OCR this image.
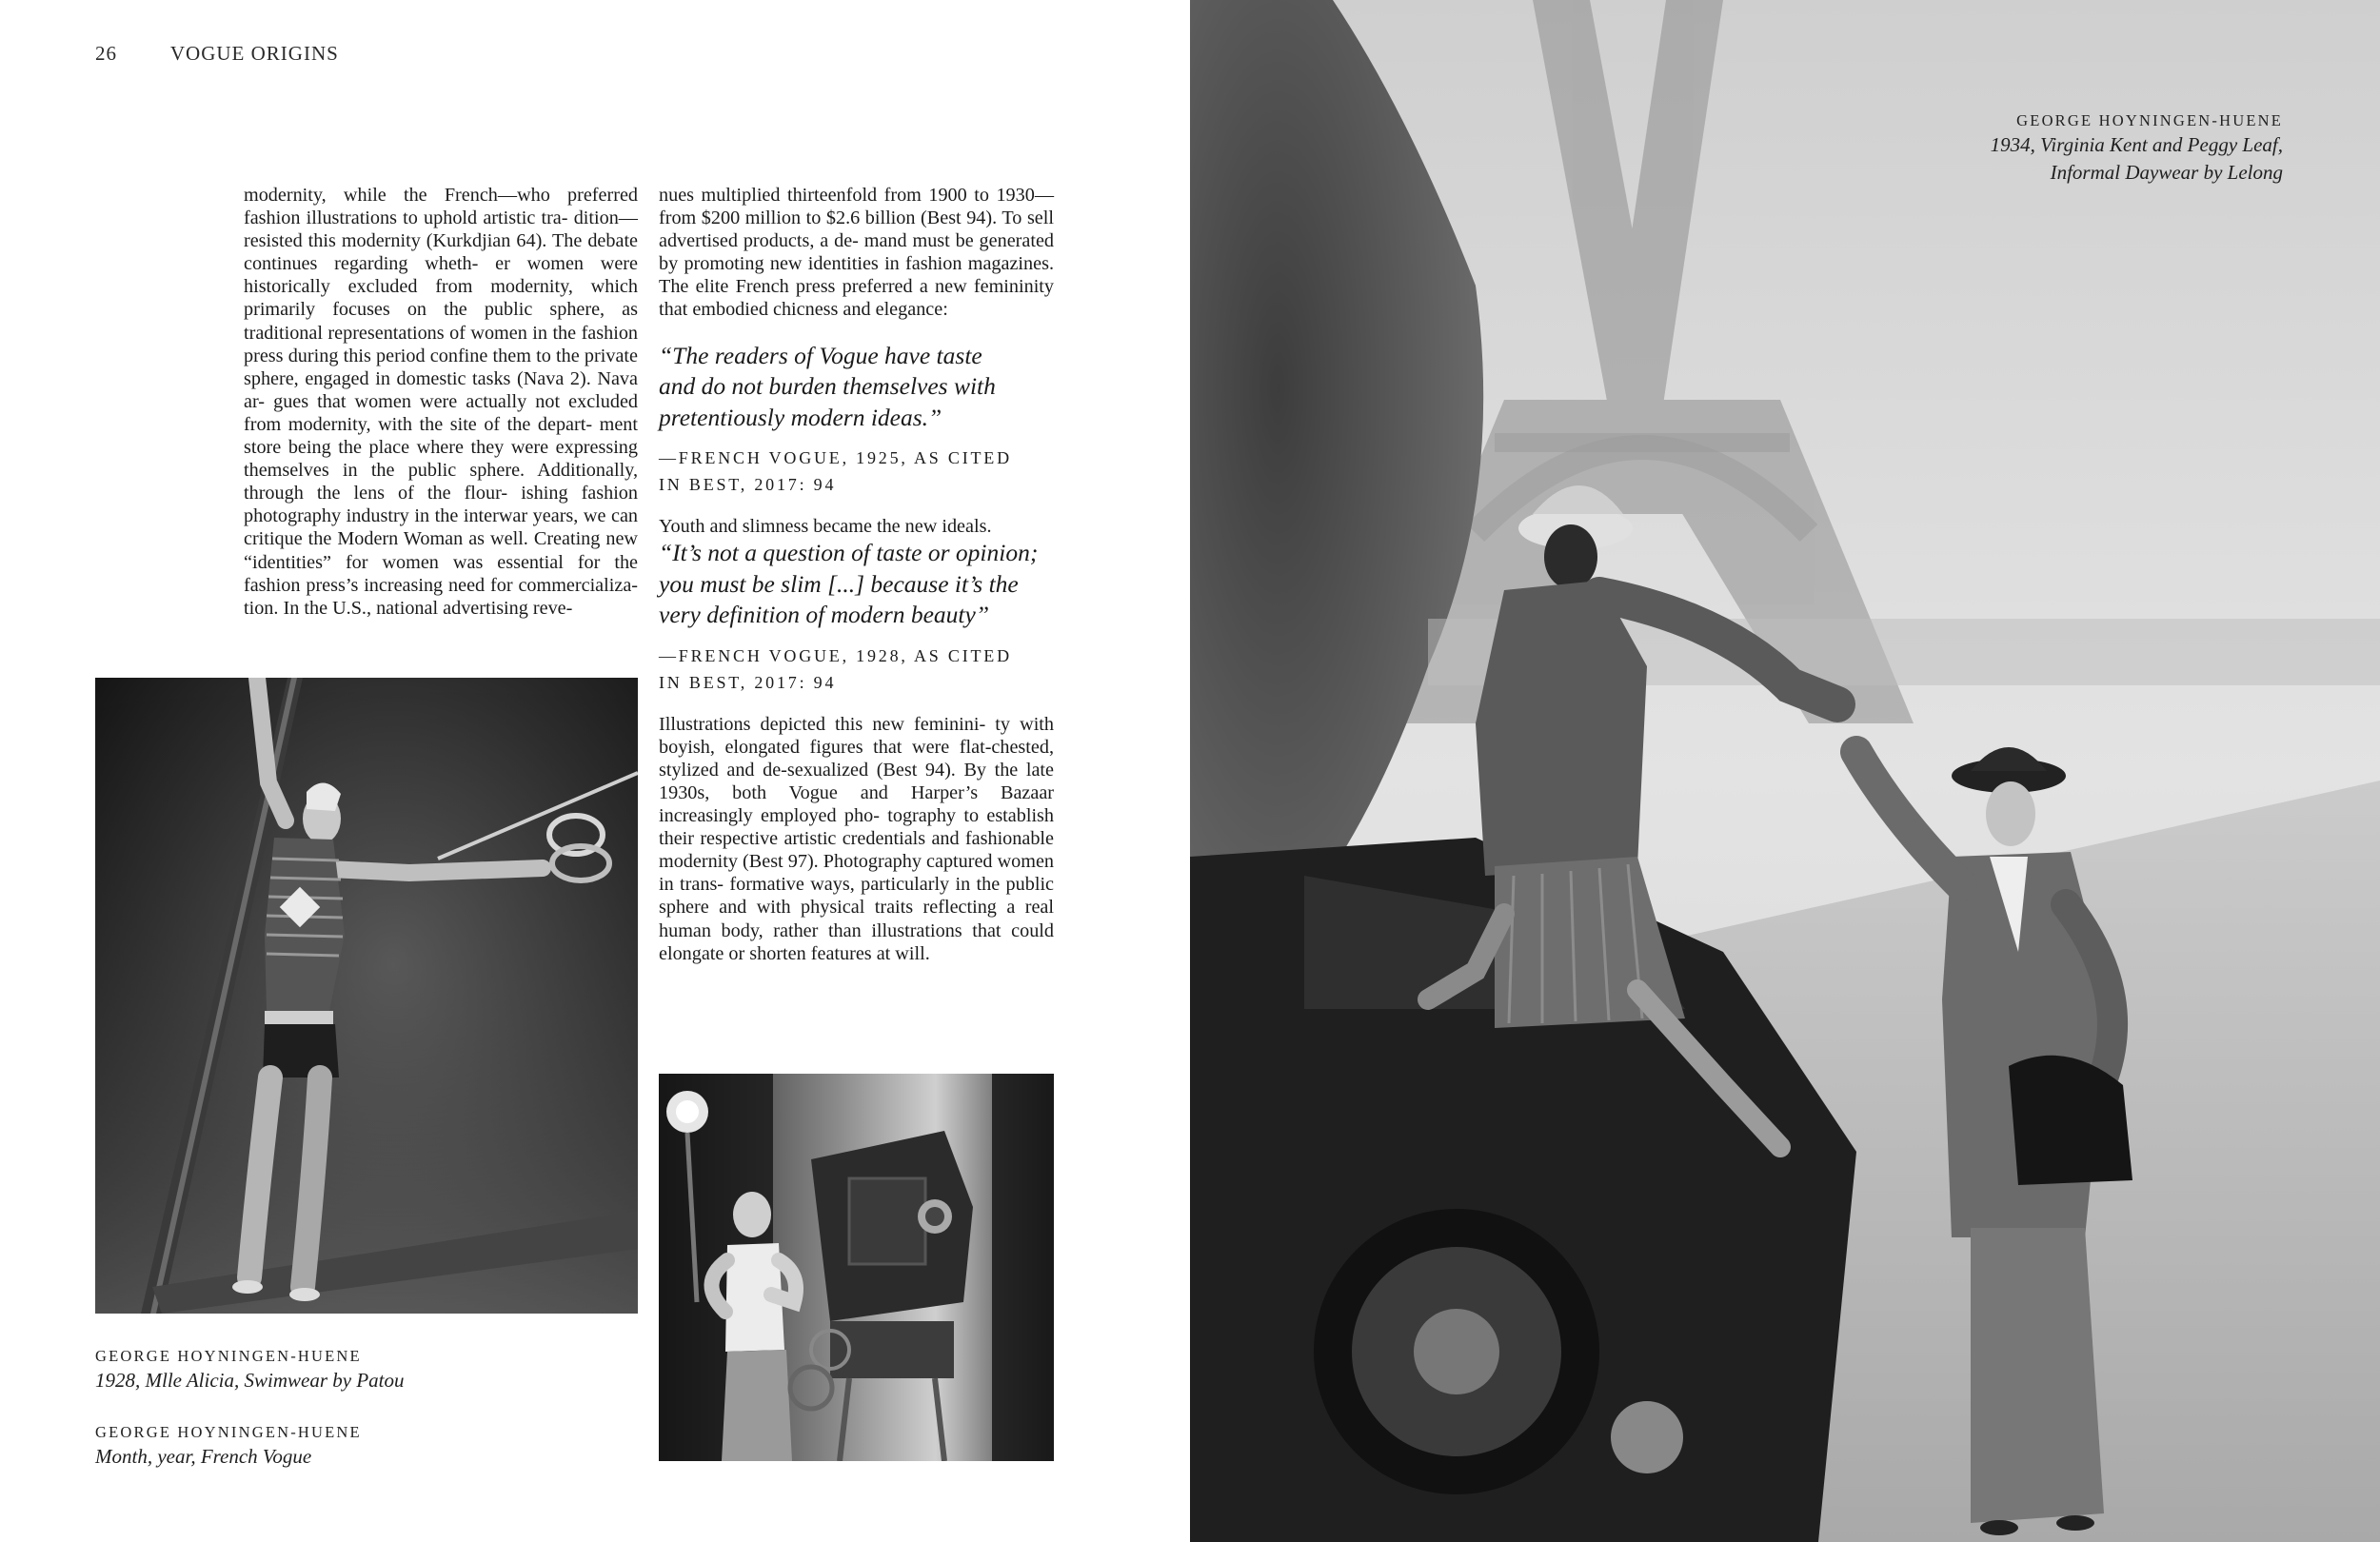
26	VOGUE ORIGINS

modernity, while the French—who preferred fashion illustrations to uphold artistic tra- dition—resisted this modernity (Kurkdjian 64). The debate continues regarding wheth- er women were historically excluded from modernity, which primarily focuses on the public sphere, as traditional representations of women in the fashion press during this period confine them to the private sphere, engaged in domestic tasks (Nava 2). Nava ar- gues that women were actually not excluded from modernity, with the site of the depart- ment store being the place where they were expressing themselves in the public sphere. Additionally, through the lens of the flour- ishing fashion photography industry in the interwar years, we can critique the Modern Woman as well. Creating new “identities” for women was essential for the fashion press’s increasing need for commercializa- tion. In the U.S., national advertising reve-

nues multiplied thirteenfold from 1900 to 1930—from $200 million to $2.6 billion (Best 94). To sell advertised products, a de- mand must be generated by promoting new identities in fashion magazines. The elite French press preferred a new femininity that embodied chicness and elegance:

“The readers of Vogue have taste
and do not burden themselves with
pretentiously modern ideas.”
—FRENCH VOGUE, 1925, AS CITED
IN BEST, 2017: 94

Youth and slimness became the new ideals.

“It’s not a question of taste or opinion;
you must be slim [...] because it’s the
very definition of modern beauty”
—FRENCH VOGUE, 1928, AS CITED
IN BEST, 2017: 94

Illustrations depicted this new feminini- ty with boyish, elongated figures that were flat-chested, stylized and de-sexualized (Best 94). By the late 1930s, both Vogue and Harper’s Bazaar increasingly employed pho- tography to establish their respective artistic credentials and fashionable modernity (Best 97). Photography captured women in trans- formative ways, particularly in the public sphere and with physical traits reflecting a real human body, rather than illustrations that could elongate or shorten features at will.

GEORGE HOYNINGEN-HUENE
1928, Mlle Alicia, Swimwear by Patou
GEORGE HOYNINGEN-HUENE
Month, year, French Vogue
GEORGE HOYNINGEN-HUENE
1934, Virginia Kent and Peggy Leaf,
Informal Daywear by Lelong
